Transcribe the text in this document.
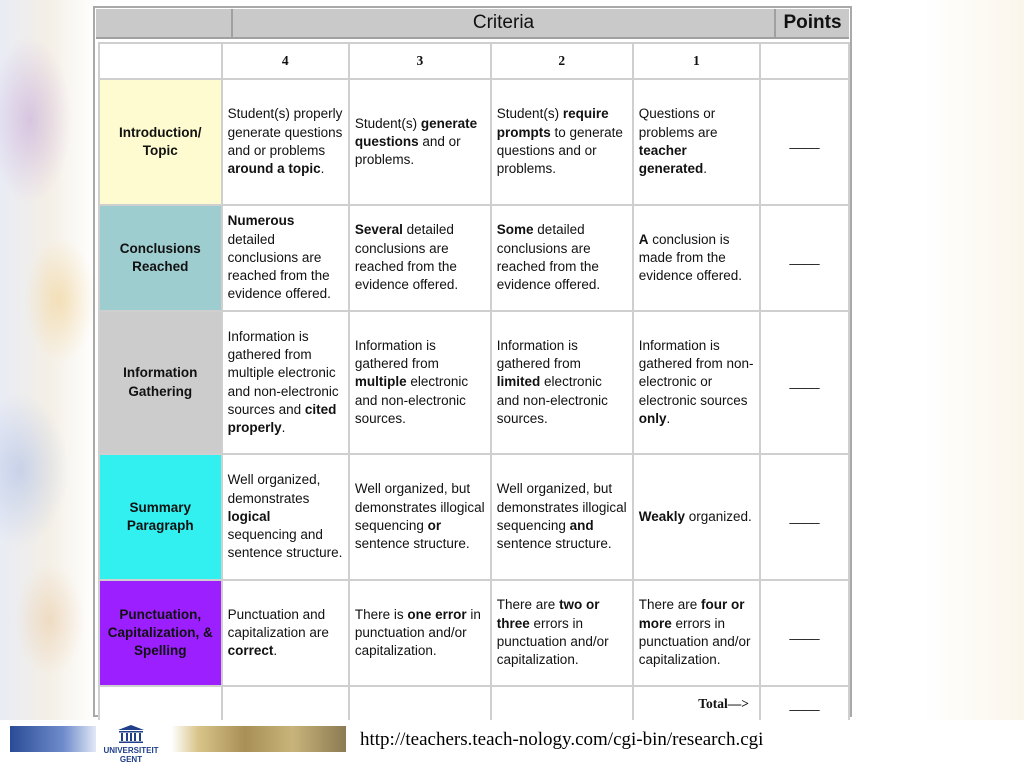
Criteria	Points
	4	3	2	1	
Introduction/ Topic	Student(s) properly generate questions and or problems around a topic.	Student(s) generate questions and or problems.	Student(s) require prompts to generate questions and or problems.	Questions or problems are teacher generated.	____
Conclusions Reached	Numerous detailed conclusions are reached from the evidence offered.	Several detailed conclusions are reached from the evidence offered.	Some detailed conclusions are reached from the evidence offered.	A conclusion is made from the evidence offered.	____
Information Gathering	Information is gathered from multiple electronic and non-electronic sources and cited properly.	Information is gathered from multiple electronic and non-electronic sources.	Information is gathered from limited electronic and non-electronic sources.	Information is gathered from non-electronic or electronic sources only.	____
Summary Paragraph	Well organized, demonstrates logical sequencing and sentence structure.	Well organized, but demonstrates illogical sequencing or sentence structure.	Well organized, but demonstrates illogical sequencing and sentence structure.	Weakly organized.	____
Punctuation, Capitalization, & Spelling	Punctuation and capitalization are correct.	There is one error in punctuation and/or capitalization.	There are two or three errors in punctuation and/or capitalization.	There are four or more errors in punctuation and/or capitalization.	____
				Total—>	____
UNIVERSITEIT GENT
http://teachers.teach-nology.com/cgi-bin/research.cgi
